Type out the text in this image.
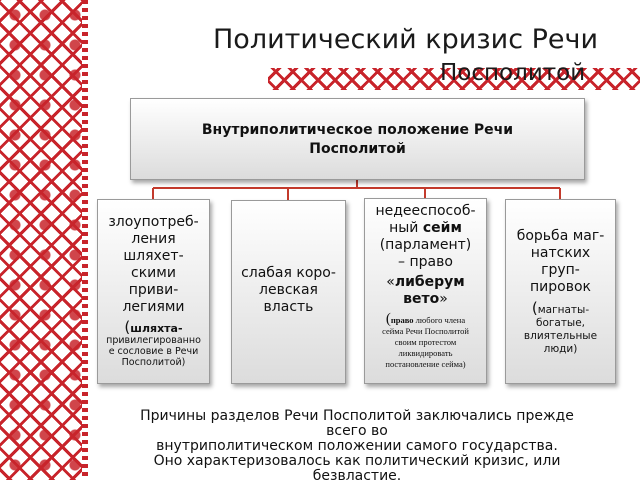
Политический кризис Речи
Посполитой
Внутриполитическое положение Речи
Посполитой
злоупотреб-
ления
шляхет-
скими
приви-
легиями
(шляхта-
привилегированно
е сословие в Речи
Посполитой)
слабая коро-
левская
власть
недееспособ-
ный сейм
(парламент)
– право
«либерум
вето»
(право любого члена
сейма Речи Посполитой
своим протестом
ликвидировать
постановление сейма)
борьба маг-
натских
груп-
пировок
(магнаты-
богатые,
влиятельные
люди)
Причины разделов Речи Посполитой заключались прежде
всего во
внутриполитическом положении самого государства.
Оно характеризовалось как политический кризис, или
безвластие.
